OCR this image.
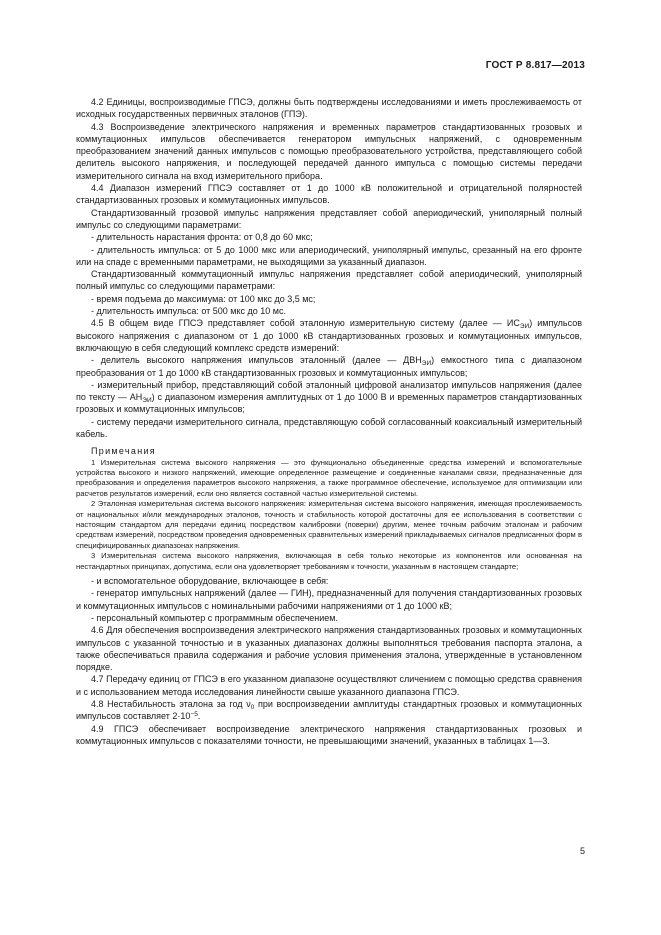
ГОСТ Р 8.817—2013

4.2 Единицы, воспроизводимые ГПСЭ, должны быть подтверждены исследованиями и иметь прослеживаемость от исходных государственных первичных эталонов (ГПЭ).

4.3 Воспроизведение электрического напряжения и временных параметров стандартизованных грозовых и коммутационных импульсов обеспечивается генератором импульсных напряжений, с одновременным преобразованием значений данных импульсов с помощью преобразовательного устройства, представляющего собой делитель высокого напряжения, и последующей передачей данного импульса с помощью системы передачи измерительного сигнала на вход измерительного прибора.

4.4 Диапазон измерений ГПСЭ составляет от 1 до 1000 кВ положительной и отрицательной полярностей стандартизованных грозовых и коммутационных импульсов.

Стандартизованный грозовой импульс напряжения представляет собой апериодический, униполярный полный импульс со следующими параметрами:

- длительность нарастания фронта: от 0,8 до 60 мкс;

- длительность импульса: от 5 до 1000 мкс или апериодический, униполярный импульс, срезанный на его фронте или на спаде с временными параметрами, не выходящими за указанный диапазон.

Стандартизованный коммутационный импульс напряжения представляет собой апериодический, униполярный полный импульс со следующими параметрами:

- время подъема до максимума: от 100 мкс до 3,5 мс;

- длительность импульса: от 500 мкс до 10 мс.

4.5 В общем виде ГПСЭ представляет собой эталонную измерительную систему (далее — $ИС_{ЭИ}$) импульсов высокого напряжения с диапазоном от 1 до 1000 кВ стандартизованных грозовых и коммутационных импульсов, включающую в себя следующий комплекс средств измерений:

- делитель высокого напряжения импульсов эталонный (далее — $ДВН_{ЭИ}$) емкостного типа с диапазоном преобразования от 1 до 1000 кВ стандартизованных грозовых и коммутационных импульсов;

- измерительный прибор, представляющий собой эталонный цифровой анализатор импульсов напряжения (далее по тексту — $АН_{ЭИ}$) с диапазоном измерения амплитудных от 1 до 1000 В и временных параметров стандартизованных грозовых и коммутационных импульсов;

- систему передачи измерительного сигнала, представляющую собой согласованный коаксиальный измерительный кабель.

Примечания

1 Измерительная система высокого напряжения — это функционально объединенные средства измерений и вспомогательные устройства высокого и низкого напряжений, имеющие определенное размещение и соединенные каналами связи, предназначенные для преобразования и определения параметров высокого напряжения, а также программное обеспечение, используемое для оптимизации или расчетов результатов измерений, если оно является составной частью измерительной системы.

2 Эталонная измерительная система высокого напряжения: измерительная система высокого напряжения, имеющая прослеживаемость от национальных и/или международных эталонов, точность и стабильность которой достаточны для ее использования в соответствии с настоящим стандартом для передачи единиц посредством калибровки (поверки) другим, менее точным рабочим эталонам и рабочим средствам измерений, посредством проведения одновременных сравнительных измерений прикладываемых сигналов предписанных форм в специфицированных диапазонах напряжения.

3 Измерительная система высокого напряжения, включающая в себя только некоторые из компонентов или основанная на нестандартных принципах, допустима, если она удовлетворяет требованиям к точности, указанным в настоящем стандарте;

- и вспомогательное оборудование, включающее в себя:

- генератор импульсных напряжений (далее — ГИН), предназначенный для получения стандартизованных грозовых и коммутационных импульсов с номинальными рабочими напряжениями от 1 до 1000 кВ;

- персональный компьютер с программным обеспечением.

4.6 Для обеспечения воспроизведения электрического напряжения стандартизованных грозовых и коммутационных импульсов с указанной точностью и в указанных диапазонах должны выполняться требования паспорта эталона, а также обеспечиваться правила содержания и рабочие условия применения эталона, утвержденные в установленном порядке.

4.7 Передачу единиц от ГПСЭ в его указанном диапазоне осуществляют сличением с помощью средства сравнения и с использованием метода исследования линейности свыше указанного диапазона ГПСЭ.

4.8 Нестабильность эталона за год $\nu_0$ при воспроизведении амплитуды стандартных грозовых и коммутационных импульсов составляет $2\cdot 10^{-5}$.

4.9 ГПСЭ обеспечивает воспроизведение электрического напряжения стандартизованных грозовых и коммутационных импульсов с показателями точности, не превышающими значений, указанных в таблицах 1—3.

5
